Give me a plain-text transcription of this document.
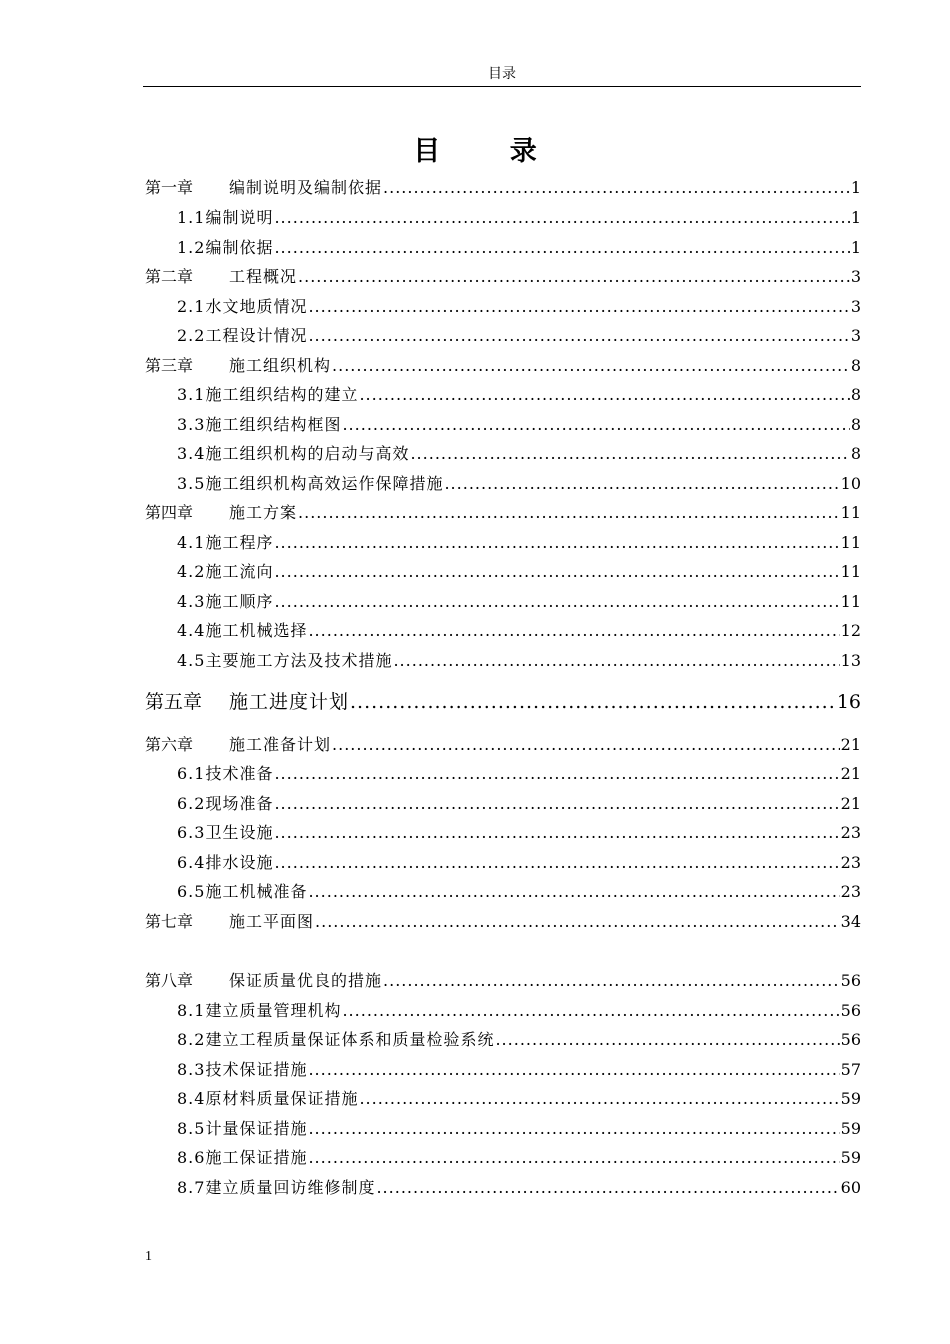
目录
目 录
第一章	编制说明及编制依据 .....	1
1.1 编制说明 .....	1
1.2 编制依据 .....	1
第二章	工程概况 .....	3
2.1 水文地质情况 .....	3
2.2 工程设计情况 .....	3
第三章	施工组织机构 .....	8
3.1 施工组织结构的建立 .....	8
3.3 施工组织结构框图 .....	8
3.4 施工组织机构的启动与高效 .....	8
3.5 施工组织机构高效运作保障措施 .....	10
第四章	施工方案 .....	11
4.1 施工程序 .....	11
4.2 施工流向 .....	11
4.3 施工顺序 .....	11
4.4 施工机械选择 .....	12
4.5 主要施工方法及技术措施 .....	13
第五章	施工进度计划 .....	16
第六章	施工准备计划 .....	21
6.1 技术准备 .....	21
6.2 现场准备 .....	21
6.3 卫生设施 .....	23
6.4 排水设施 .....	23
6.5 施工机械准备 .....	23
第七章	施工平面图 .....	34
第八章	保证质量优良的措施 .....	56
8.1 建立质量管理机构 .....	56
8.2 建立工程质量保证体系和质量检验系统 .....	56
8.3 技术保证措施 .....	57
8.4 原材料质量保证措施 .....	59
8.5 计量保证措施 .....	59
8.6 施工保证措施 .....	59
8.7 建立质量回访维修制度 .....	60
1
